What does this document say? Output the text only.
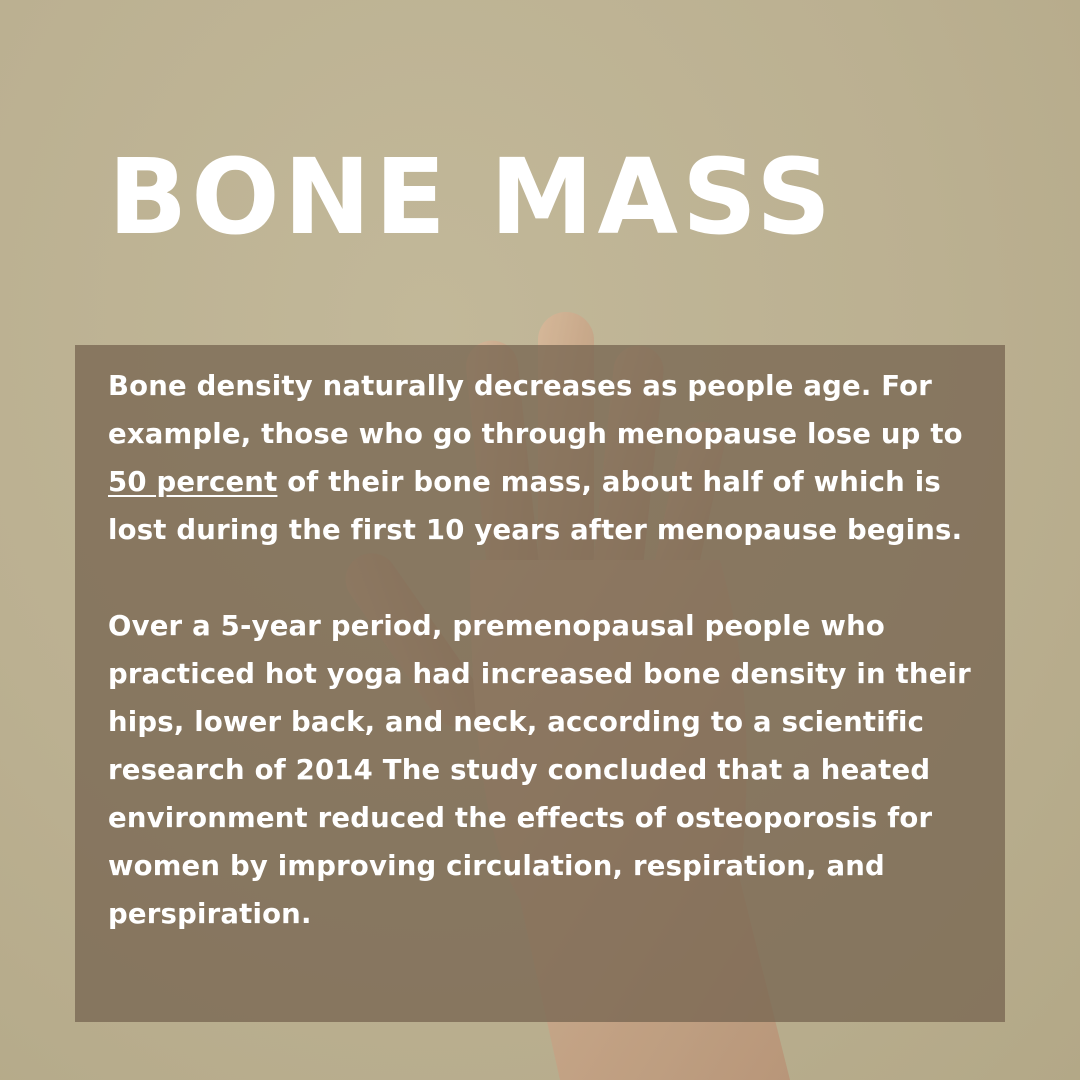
BONE MASS

Bone density naturally decreases as people age. For example, those who go through menopause lose up to 50 percent of their bone mass, about half of which is lost during the first 10 years after menopause begins.

Over a 5-year period, premenopausal people who practiced hot yoga had increased bone density in their hips, lower back, and neck, according to a scientific research of 2014 The study concluded that a heated environment reduced the effects of osteoporosis for women by improving circulation, respiration, and perspiration.
